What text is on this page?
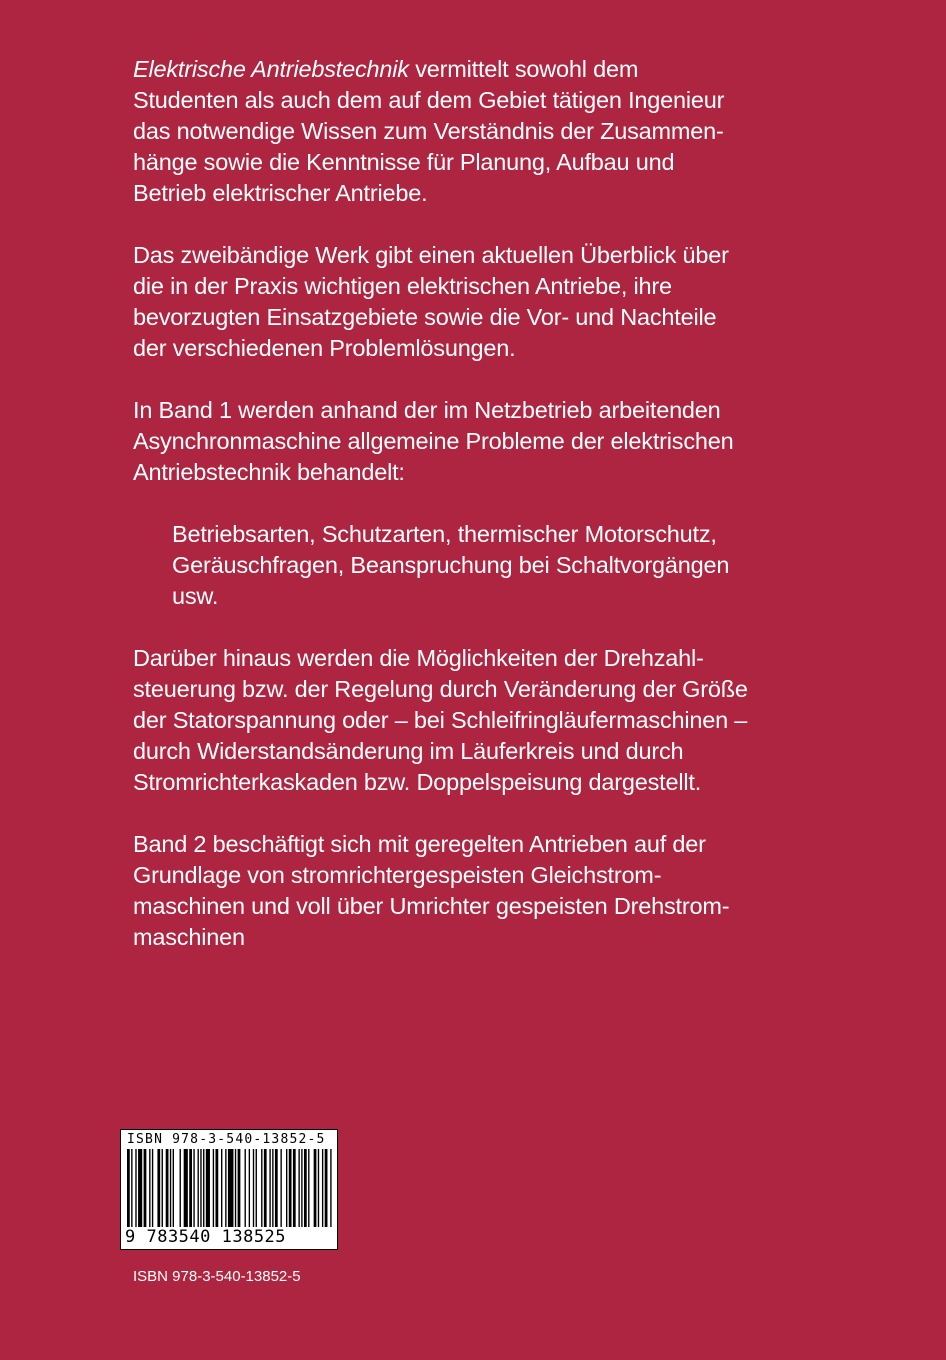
Elektrische Antriebstechnik vermittelt sowohl dem
Studenten als auch dem auf dem Gebiet tätigen Ingenieur
das notwendige Wissen zum Verständnis der Zusammen-
hänge sowie die Kenntnisse für Planung, Aufbau und
Betrieb elektrischer Antriebe.

Das zweibändige Werk gibt einen aktuellen Überblick über
die in der Praxis wichtigen elektrischen Antriebe, ihre
bevorzugten Einsatzgebiete sowie die Vor- und Nachteile
der verschiedenen Problemlösungen.

In Band 1 werden anhand der im Netzbetrieb arbeitenden
Asynchronmaschine allgemeine Probleme der elektrischen
Antriebstechnik behandelt:

Betriebsarten, Schutzarten, thermischer Motorschutz,
Geräuschfragen, Beanspruchung bei Schaltvorgängen
usw.

Darüber hinaus werden die Möglichkeiten der Drehzahl-
steuerung bzw. der Regelung durch Veränderung der Größe
der Statorspannung oder – bei Schleifringläufermaschinen –
durch Widerstandsänderung im Läuferkreis und durch
Stromrichterkaskaden bzw. Doppelspeisung dargestellt.

Band 2 beschäftigt sich mit geregelten Antrieben auf der
Grundlage von stromrichtergespeisten Gleichstrom-
maschinen und voll über Umrichter gespeisten Drehstrom-
maschinen

ISBN 978-3-540-13852-5
9 783540 138525
ISBN 978-3-540-13852-5
